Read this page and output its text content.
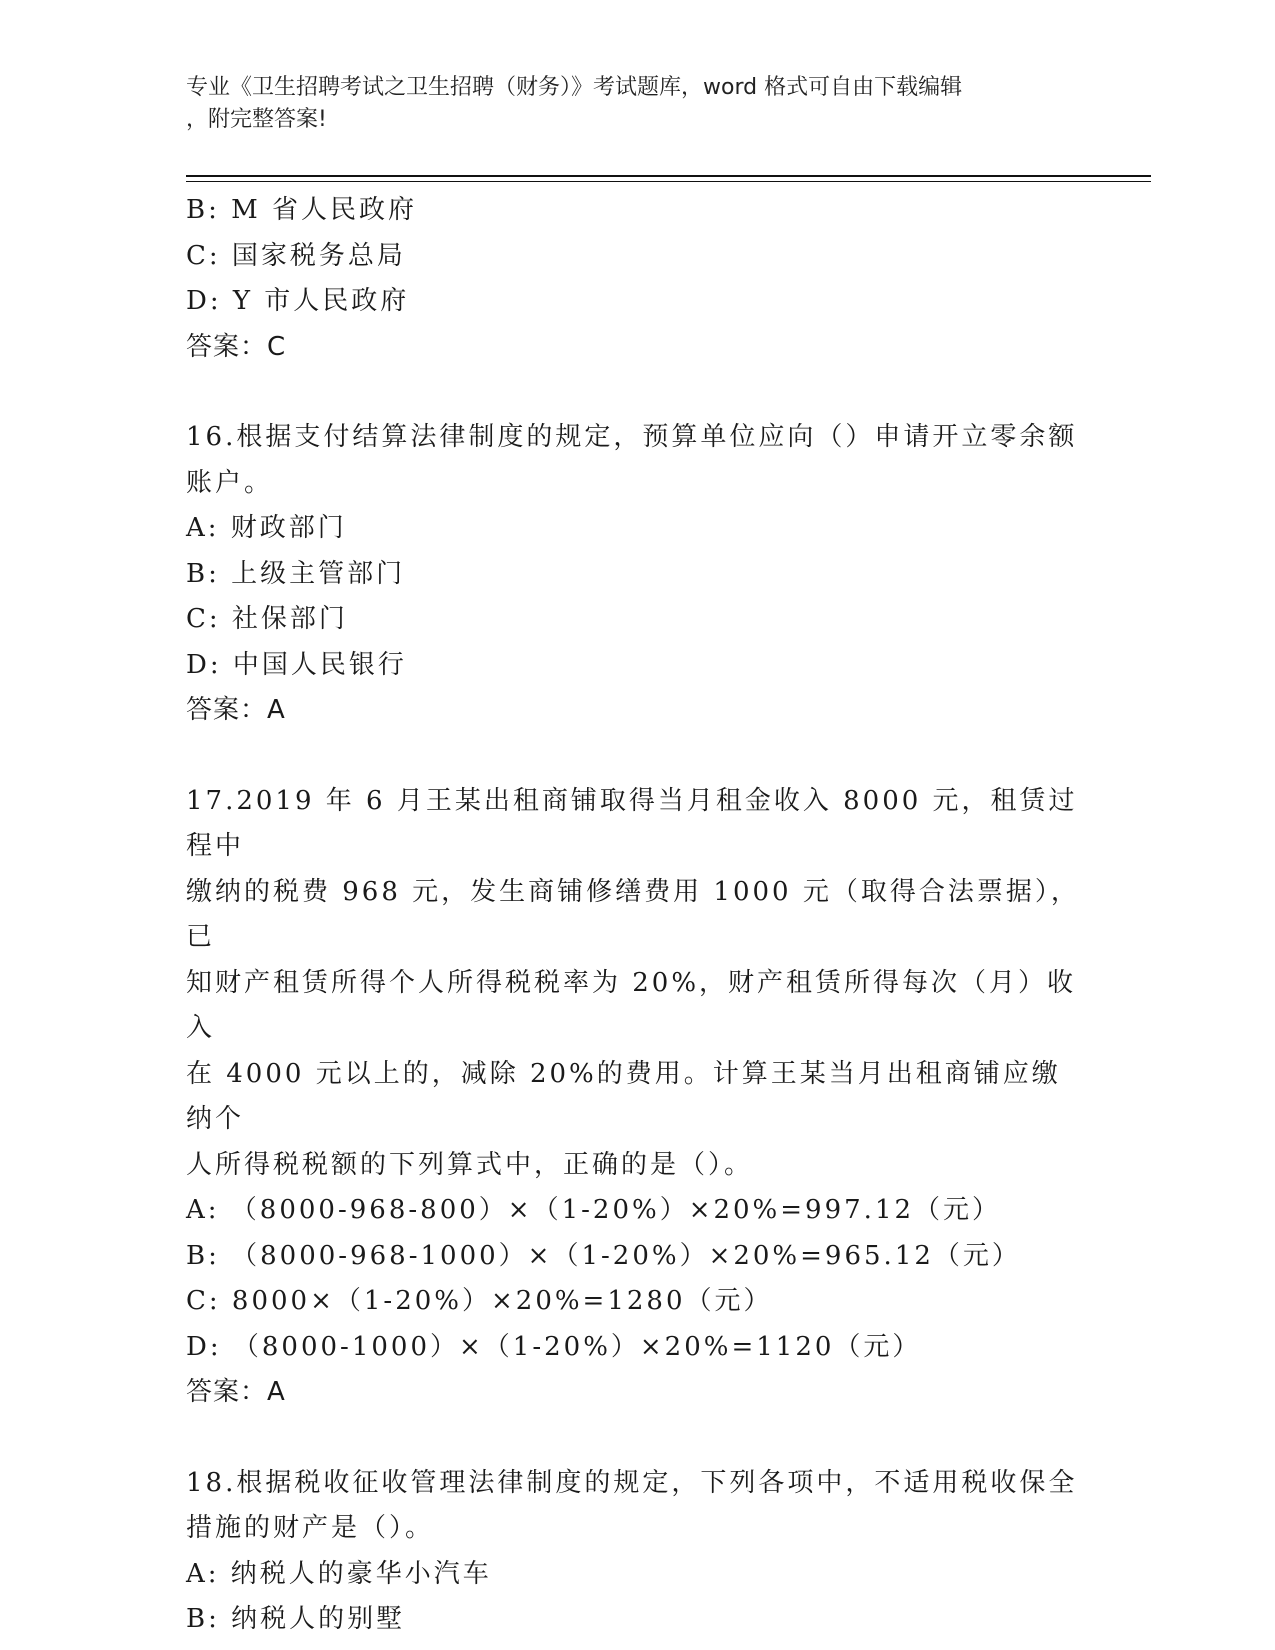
专业《卫生招聘考试之卫生招聘（财务）》考试题库，word 格式可自由下载编辑
，附完整答案!
B: M 省人民政府
C: 国家税务总局
D: Y 市人民政府
答案：C
16.根据支付结算法律制度的规定，预算单位应向（）申请开立零余额
账户。
A: 财政部门
B: 上级主管部门
C: 社保部门
D: 中国人民银行
答案：A
17.2019 年 6 月王某出租商铺取得当月租金收入 8000 元，租赁过程中
缴纳的税费 968 元，发生商铺修缮费用 1000 元（取得合法票据），已
知财产租赁所得个人所得税税率为 20%，财产租赁所得每次（月）收入
在 4000 元以上的，减除 20%的费用。计算王某当月出租商铺应缴纳个
人所得税税额的下列算式中，正确的是（）。
A: （8000-968-800）×（1-20%）×20%=997.12（元）
B: （8000-968-1000）×（1-20%）×20%=965.12（元）
C: 8000×（1-20%）×20%=1280（元）
D: （8000-1000）×（1-20%）×20%=1120（元）
答案：A
18.根据税收征收管理法律制度的规定，下列各项中，不适用税收保全
措施的财产是（）。
A: 纳税人的豪华小汽车
B: 纳税人的别墅
